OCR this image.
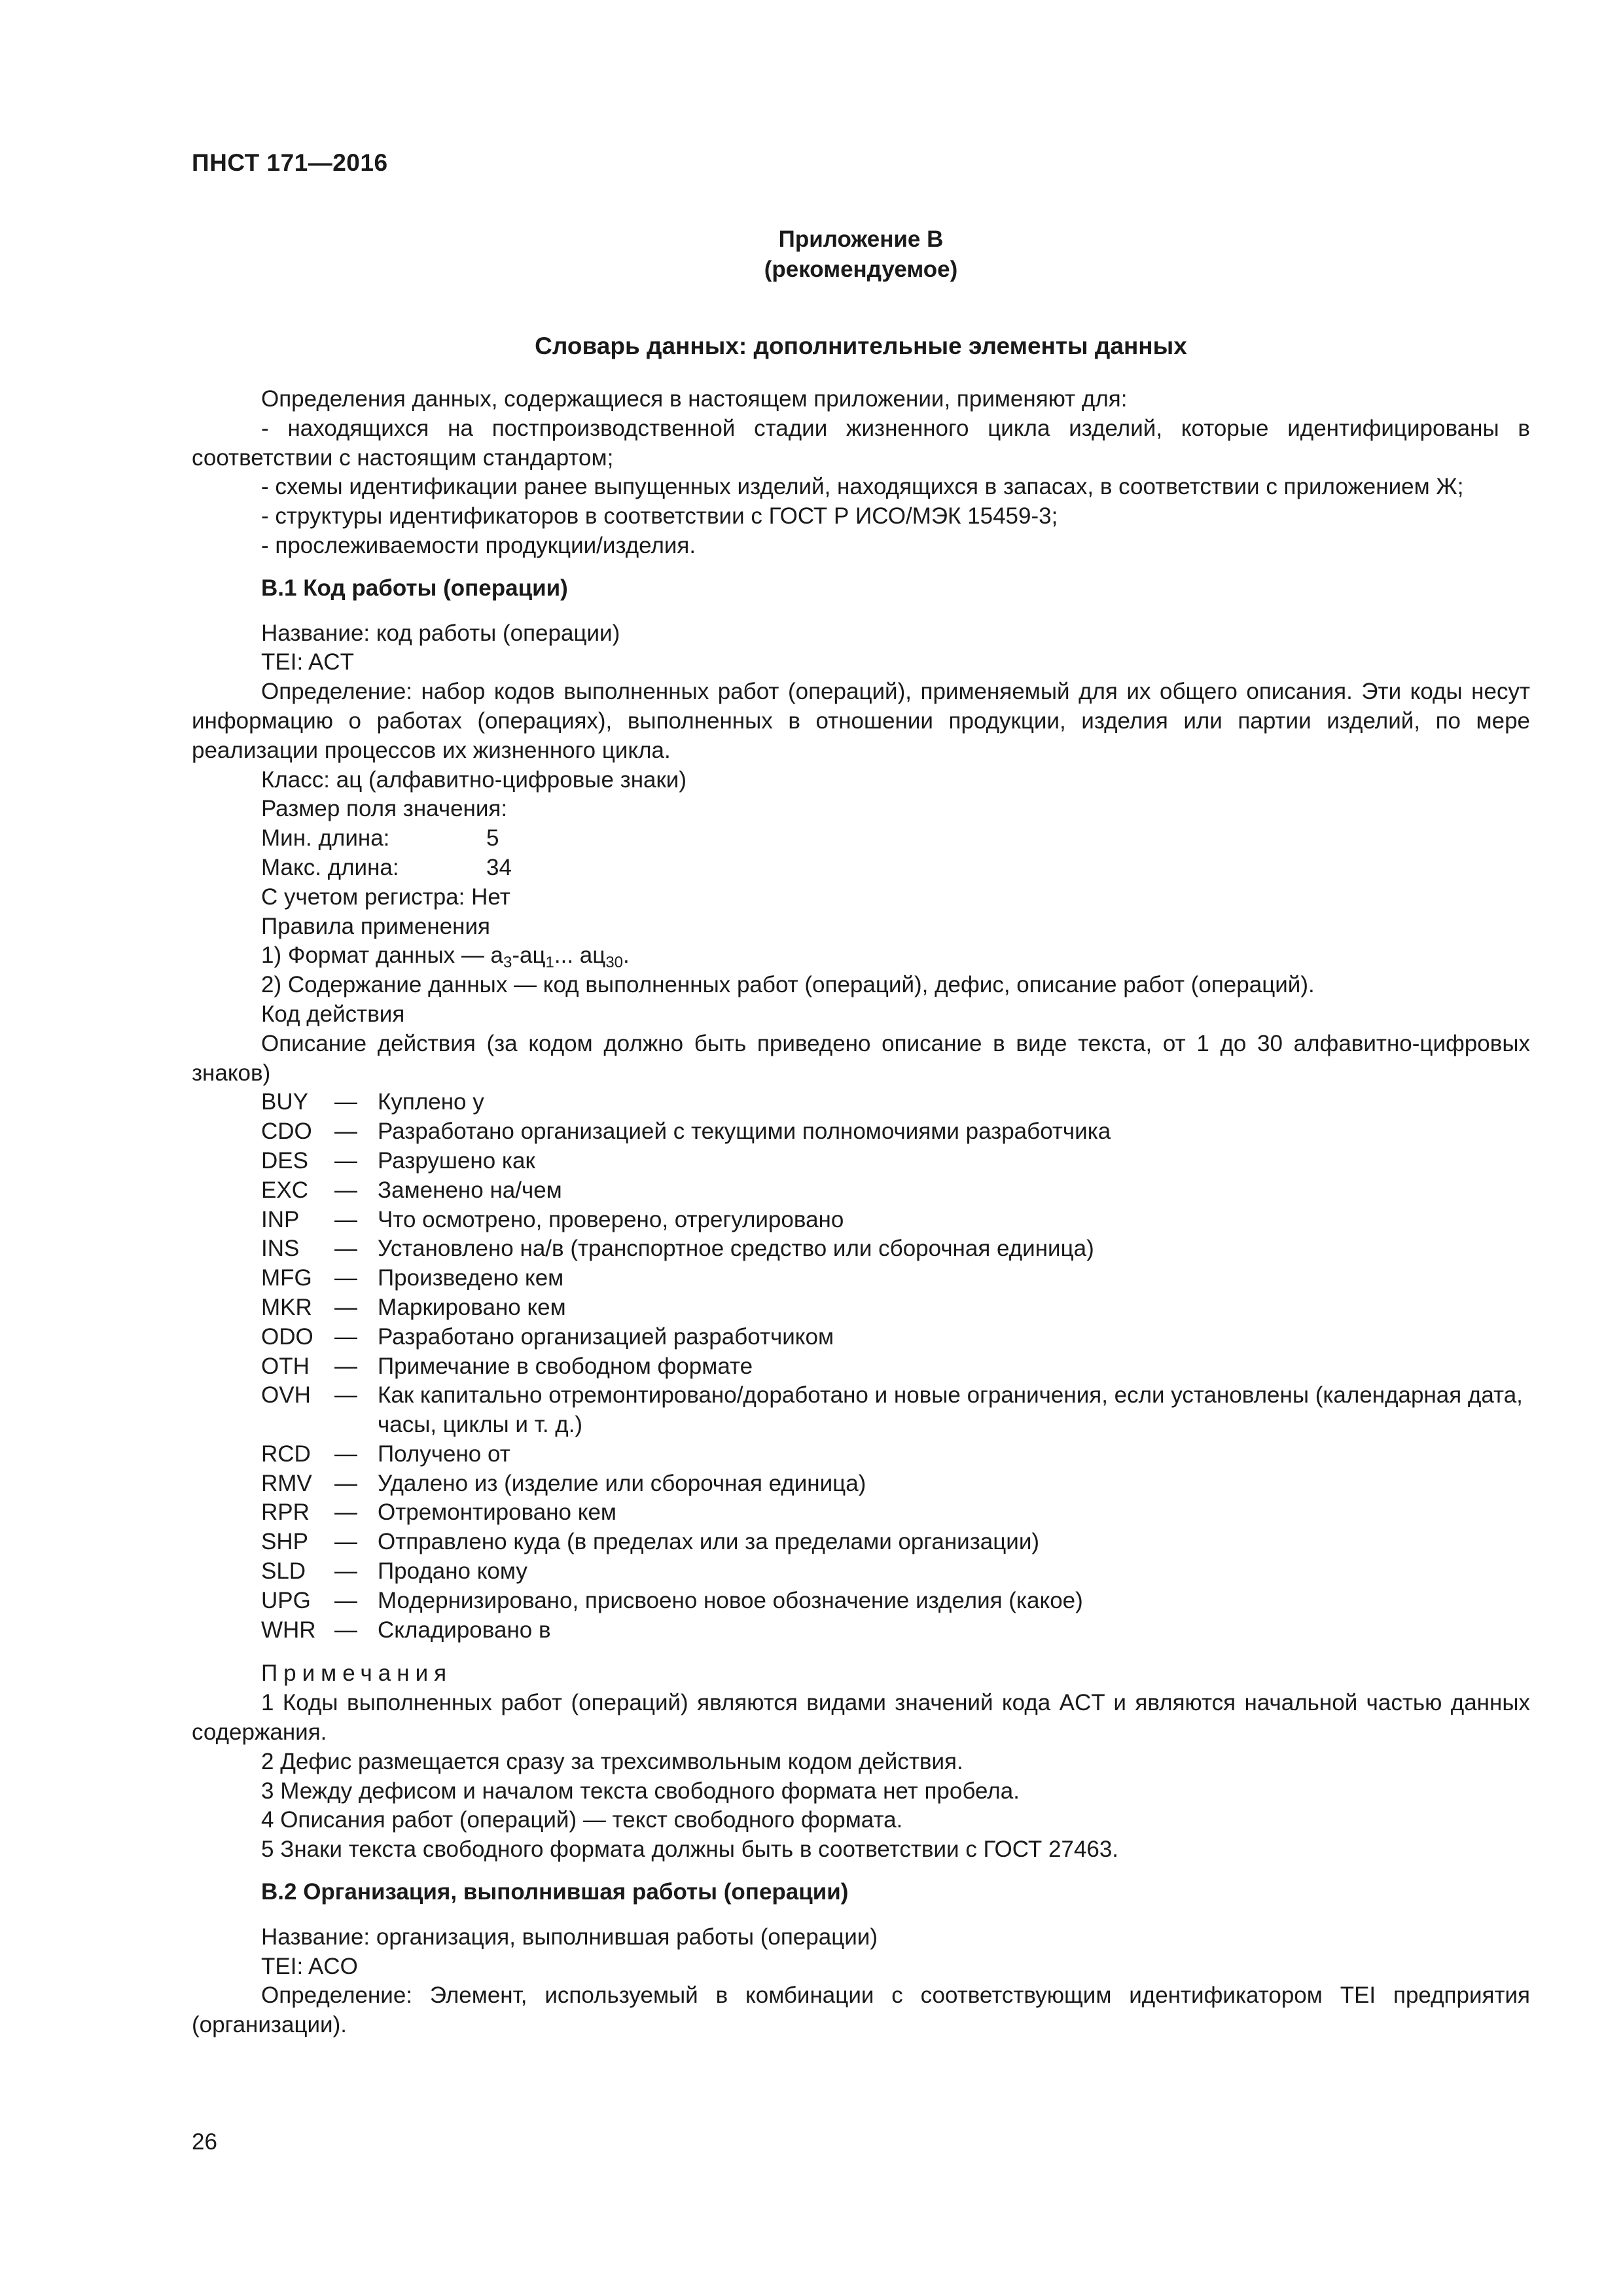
ПНСТ 171—2016
Приложение В
(рекомендуемое)
Словарь данных: дополнительные элементы данных

Определения данных, содержащиеся в настоящем приложении, применяют для:

- находящихся на постпроизводственной стадии жизненного цикла изделий, которые идентифицированы в соответствии с настоящим стандартом;

- схемы идентификации ранее выпущенных изделий, находящихся в запасах, в соответствии с приложением Ж;

- структуры идентификаторов в соответствии с ГОСТ Р ИСО/МЭК 15459-3;

- прослеживаемости продукции/изделия.

В.1 Код работы (операции)

Название: код работы (операции)

TEI: ACT

Определение: набор кодов выполненных работ (операций), применяемый для их общего описания. Эти коды несут информацию о работах (операциях), выполненных в отношении продукции, изделия или партии изделий, по мере реализации процессов их жизненного цикла.

Класс: ац (алфавитно-цифровые знаки)

Размер поля значения:

Мин. длина:	5
Макс. длина:	34

С учетом регистра: Нет

Правила применения

1) Формат данных — $а_3-ац_1$... $ац_{30}$.

2) Содержание данных — код выполненных работ (операций), дефис, описание работ (операций).

Код действия

Описание действия (за кодом должно быть приведено описание в виде текста, от 1 до 30 алфавитно-цифровых знаков)

BUY	— Куплено у
CDO — Разработано организацией с текущими полномочиями разработчика
DES	— Разрушено как
EXC	— Заменено на/чем
INP	— Что осмотрено, проверено, отрегулировано
INS	— Установлено на/в (транспортное средство или сборочная единица)
MFG — Произведено кем
MKR — Маркировано кем
ODO — Разработано организацией разработчиком
OTH	— Примечание в свободном формате
OVH	— Как капитально отремонтировано/доработано и новые ограничения, если установлены (календарная дата, часы, циклы и т. д.)
RCD	— Получено от
RMV — Удалено из (изделие или сборочная единица)
RPR	— Отремонтировано кем
SHP	— Отправлено куда (в пределах или за пределами организации)
SLD	— Продано кому
UPG	— Модернизировано, присвоено новое обозначение изделия (какое)
WHR — Складировано в

Примечания

1 Коды выполненных работ (операций) являются видами значений кода ACT и являются начальной частью данных содержания.

2 Дефис размещается сразу за трехсимвольным кодом действия.

3 Между дефисом и началом текста свободного формата нет пробела.

4 Описания работ (операций) — текст свободного формата.

5 Знаки текста свободного формата должны быть в соответствии с ГОСТ 27463.

В.2 Организация, выполнившая работы (операции)

Название: организация, выполнившая работы (операции)

TEI: ACO

Определение: Элемент, используемый в комбинации с соответствующим идентификатором TEI предприятия (организации).

26
